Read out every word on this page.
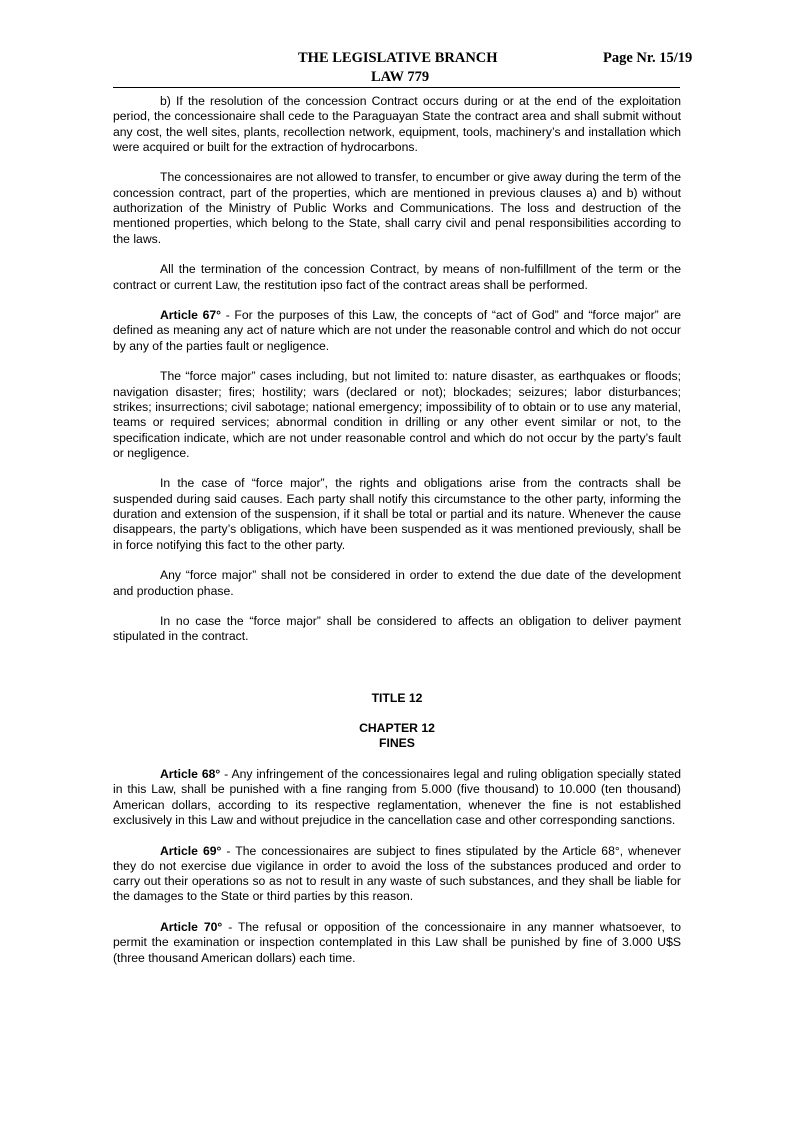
THE LEGISLATIVE BRANCH
LAW 779
Page Nr. 15/19

b) If the resolution of the concession Contract occurs during or at the end of the exploitation period, the concessionaire shall cede to the Paraguayan State the contract area and shall submit without any cost, the well sites, plants, recollection network, equipment, tools, machinery’s and installation which were acquired or built for the extraction of hydrocarbons.

The concessionaires are not allowed to transfer, to encumber or give away during the term of the concession contract, part of the properties, which are mentioned in previous clauses a) and b) without authorization of the Ministry of Public Works and Communications. The loss and destruction of the mentioned properties, which belong to the State, shall carry civil and penal responsibilities according to the laws.

All the termination of the concession Contract, by means of non-fulfillment of the term or the contract or current Law, the restitution ipso fact of the contract areas shall be performed.

Article 67° - For the purposes of this Law, the concepts of “act of God” and “force major” are defined as meaning any act of nature which are not under the reasonable control and which do not occur by any of the parties fault or negligence.

The “force major” cases including, but not limited to: nature disaster, as earthquakes or floods; navigation disaster; fires; hostility; wars (declared or not); blockades; seizures; labor disturbances; strikes; insurrections; civil sabotage; national emergency; impossibility of to obtain or to use any material, teams or required services; abnormal condition in drilling or any other event similar or not, to the specification indicate, which are not under reasonable control and which do not occur by the party’s fault or negligence.

In the case of “force major”, the rights and obligations arise from the contracts shall be suspended during said causes. Each party shall notify this circumstance to the other party, informing the duration and extension of the suspension, if it shall be total or partial and its nature. Whenever the cause disappears, the party’s obligations, which have been suspended as it was mentioned previously, shall be in force notifying this fact to the other party.

Any “force major” shall not be considered in order to extend the due date of the development and production phase.

In no case the “force major” shall be considered to affects an obligation to deliver payment stipulated in the contract.

TITLE 12
CHAPTER 12
FINES

Article 68° - Any infringement of the concessionaires legal and ruling obligation specially stated in this Law, shall be punished with a fine ranging from 5.000 (five thousand) to 10.000 (ten thousand) American dollars, according to its respective reglamentation, whenever the fine is not established exclusively in this Law and without prejudice in the cancellation case and other corresponding sanctions.

Article 69° - The concessionaires are subject to fines stipulated by the Article 68°, whenever they do not exercise due vigilance in order to avoid the loss of the substances produced and order to carry out their operations so as not to result in any waste of such substances, and they shall be liable for the damages to the State or third parties by this reason.

Article 70° - The refusal or opposition of the concessionaire in any manner whatsoever, to permit the examination or inspection contemplated in this Law shall be punished by fine of 3.000 U$S (three thousand American dollars) each time.
